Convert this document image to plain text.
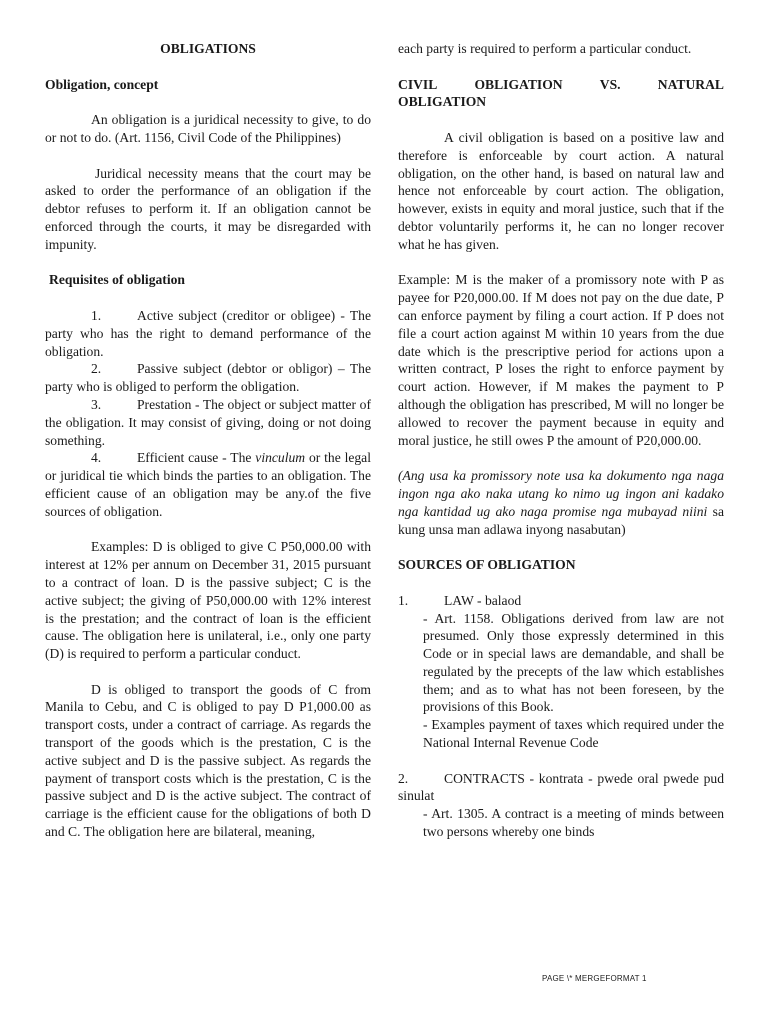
OBLIGATIONS

Obligation, concept

An obligation is a juridical necessity to give, to do or not to do. (Art. 1156, Civil Code of the Philippines)

Juridical necessity means that the court may be asked to order the performance of an obligation if the debtor refuses to perform it. If an obligation cannot be enforced through the courts, it may be disregarded with impunity.

Requisites of obligation

1.	Active subject (creditor or obligee) - The party who has the right to demand performance of the obligation.

2.	Passive subject (debtor or obligor) – The party who is obliged to perform the obligation.

3.	Prestation - The object or subject matter of the obligation. It may consist of giving, doing or not doing something.

4.	Efficient cause - The vinculum or the legal or juridical tie which binds the parties to an obligation. The efficient cause of an obligation may be any.of the five sources of obligation.

Examples: D is obliged to give C P50,000.00 with interest at 12% per annum on December 31, 2015 pursuant to a contract of loan. D is the passive subject; C is the active subject; the giving of P50,000.00 with 12% interest is the prestation; and the contract of loan is the efficient cause. The obligation here is unilateral, i.e., only one party (D) is required to perform a particular conduct.

D is obliged to transport the goods of C from Manila to Cebu, and C is obliged to pay D P1,000.00 as transport costs, under a contract of carriage. As regards the transport of the goods which is the prestation, C is the active subject and D is the passive subject. As regards the payment of transport costs which is the prestation, C is the passive subject and D is the active subject. The contract of carriage is the efficient cause for the obligations of both D and C. The obligation here are bilateral, meaning,

each party is required to perform a particular conduct.

CIVIL	OBLIGATION	VS.	NATURAL

OBLIGATION

A civil obligation is based on a positive law and therefore is enforceable by court action. A natural obligation, on the other hand, is based on natural law and hence not enforceable by court action. The obligation, however, exists in equity and moral justice, such that if the debtor voluntarily performs it, he can no longer recover what he has given.

Example: M is the maker of a promissory note with P as payee for P20,000.00. If M does not pay on the due date, P can enforce payment by filing a court action. If P does not file a court action against M within 10 years from the due date which is the prescriptive period for actions upon a written contract, P loses the right to enforce payment by court action. However, if M makes the payment to P although the obligation has prescribed, M will no longer be allowed to recover the payment because in equity and moral justice, he still owes P the amount of P20,000.00.

(Ang usa ka promissory note usa ka dokumento nga naga ingon nga ako naka utang ko nimo ug ingon ani kadako nga kantidad ug ako naga promise nga mubayad niini sa kung unsa man adlawa inyong nasabutan)

SOURCES OF OBLIGATION

1.	LAW - balaod

- Art. 1158. Obligations derived from law are not presumed. Only those expressly determined in this Code or in special laws are demandable, and shall be regulated by the precepts of the law which establishes them; and as to what has not been foreseen, by the provisions of this Book.

- Examples payment of taxes which required under the National Internal Revenue Code

2.	CONTRACTS - kontrata - pwede oral pwede pud sinulat

- Art. 1305. A contract is a meeting of minds between two persons whereby one binds

PAGE \* MERGEFORMAT 1
